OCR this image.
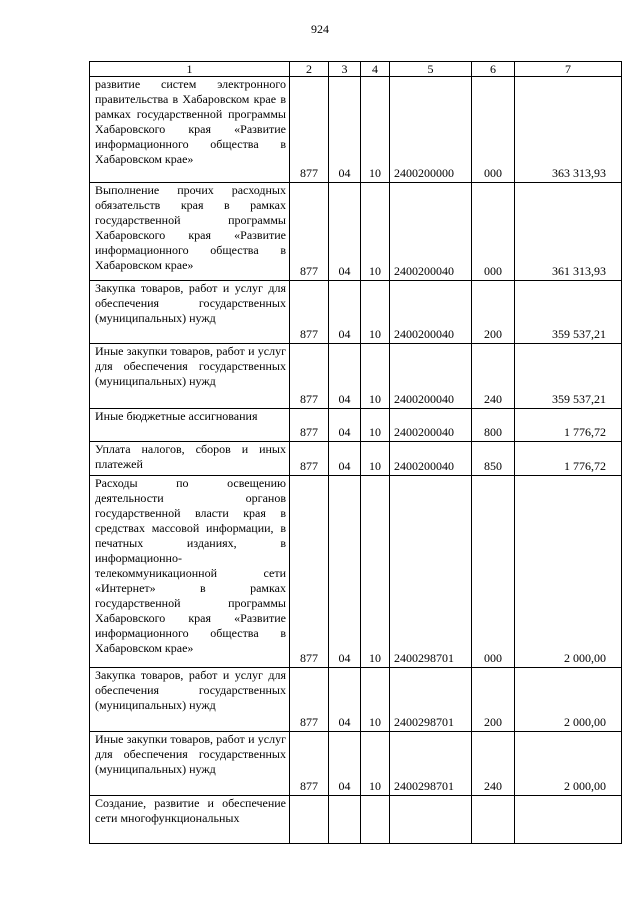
924
1	2	3	4	5	6	7
развитие систем электронного правительства в Хабаровском крае в рамках государственной программы Хабаровского края «Развитие информационного общества в Хабаровском крае»	877	04	10	2400200000	000	363 313,93
Выполнение прочих расходных обязательств края в рамках государственной программы Хабаровского края «Развитие информационного общества в Хабаровском крае»	877	04	10	2400200040	000	361 313,93
Закупка товаров, работ и услуг для обеспечения государственных (муниципальных) нужд	877	04	10	2400200040	200	359 537,21
Иные закупки товаров, работ и услуг для обеспечения государственных (муниципальных) нужд	877	04	10	2400200040	240	359 537,21
Иные бюджетные ассигнования	877	04	10	2400200040	800	1 776,72
Уплата налогов, сборов и иных платежей	877	04	10	2400200040	850	1 776,72
Расходы по освещению деятельности органов государственной власти края в средствах массовой информации, в печатных изданиях, в информационно-телекоммуникационной сети «Интернет» в рамках государственной программы Хабаровского края «Развитие информационного общества в Хабаровском крае»	877	04	10	2400298701	000	2 000,00
Закупка товаров, работ и услуг для обеспечения государственных (муниципальных) нужд	877	04	10	2400298701	200	2 000,00
Иные закупки товаров, работ и услуг для обеспечения государственных (муниципальных) нужд	877	04	10	2400298701	240	2 000,00
Создание, развитие и обеспечение сети многофункциональных						
